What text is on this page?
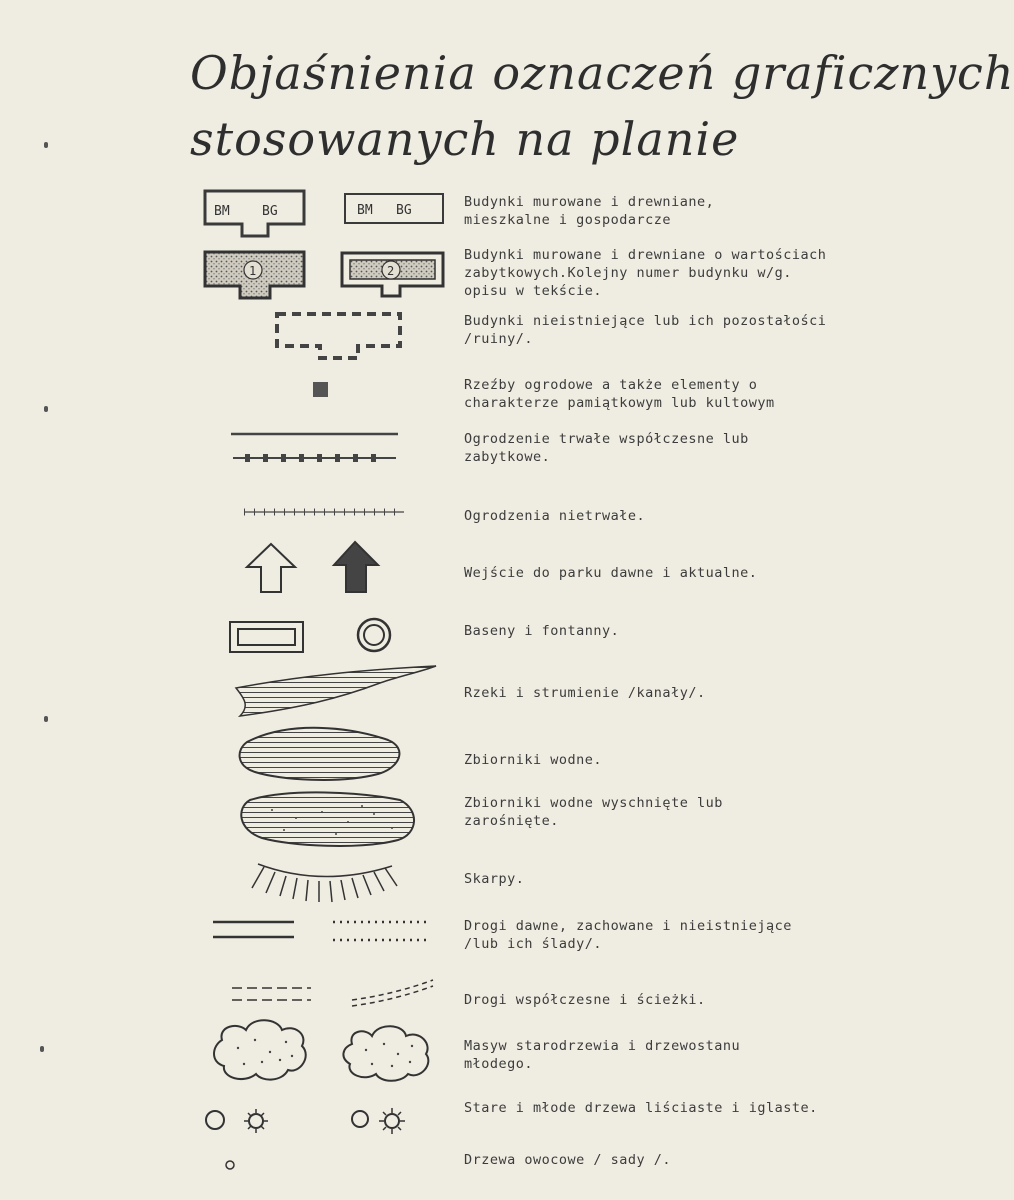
Objaśnienia oznaczeń graficznych
stosowanych na planie
BM BG	BM BG
1	2
Budynki murowane i drewniane,
mieszkalne i gospodarcze
Budynki murowane i drewniane o wartościach
zabytkowych.Kolejny numer budynku w/g.
opisu w tekście.
Budynki nieistniejące lub ich pozostałości
/ruiny/.
Rzeźby ogrodowe a także elementy o
charakterze pamiątkowym lub kultowym
Ogrodzenie trwałe współczesne lub
zabytkowe.
Ogrodzenia nietrwałe.
Wejście do parku dawne i aktualne.
Baseny i fontanny.
Rzeki i strumienie /kanały/.
Zbiorniki wodne.
Zbiorniki wodne wyschnięte lub
zarośnięte.
Skarpy.
Drogi dawne, zachowane i nieistniejące
/lub ich ślady/.
Drogi współczesne i ścieżki.
Masyw starodrzewia i drzewostanu
młodego.
Stare i młode drzewa liściaste i iglaste.
Drzewa owocowe / sady /.
